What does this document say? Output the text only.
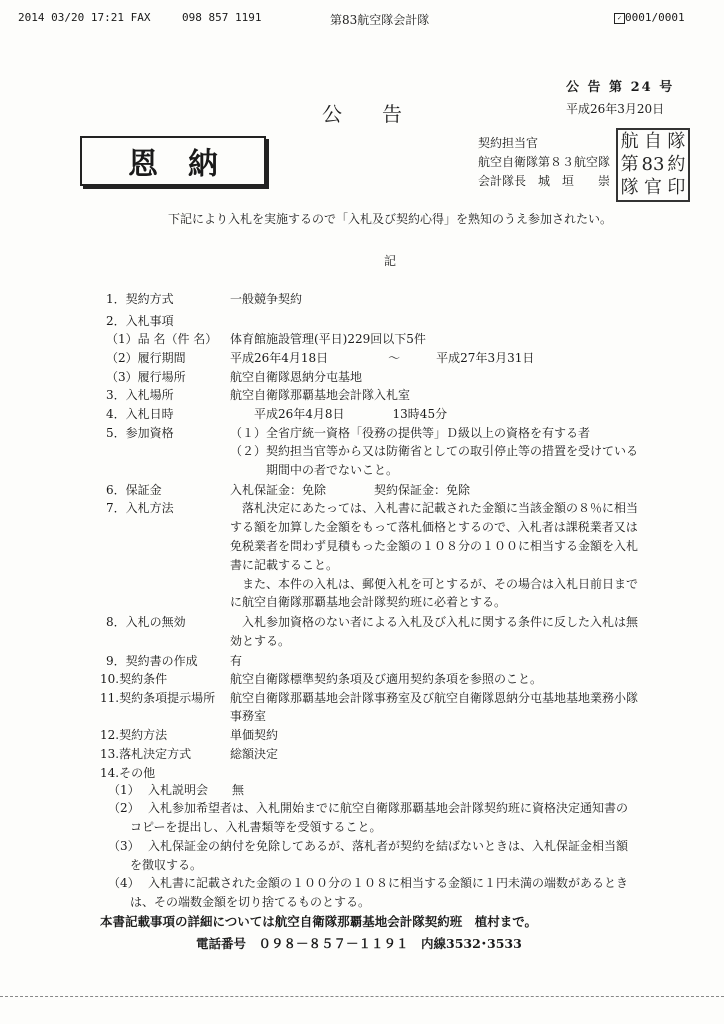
2014 03/20 17:21 FAX	098 857 1191	第83航空隊会計隊	✓ 0001/0001
公 告 第 24 号
平成26年3月20日
公　　告
恩納
契約担当官
航空自衛隊第８３航空隊
会計隊長　城　垣　　崇
航 自 隊
第 83 約
隊 官 印
下記により入札を実施するので「入札及び契約心得」を熟知のうえ参加されたい。
記
1．契約方式	一般競争契約
2．入札事項
（1）品 名（件 名） 体育館施設管理(平日)229回以下5件
（2）履行期間	平成26年4月18日　　　　　～　　　平成27年3月31日
（3）履行場所	航空自衛隊恩納分屯基地
3．入札場所	航空自衛隊那覇基地会計隊入札室
4．入札日時	　　平成26年4月8日　　　　13時45分
5．参加資格	（１）全省庁統一資格「役務の提供等」Ｄ級以上の資格を有する者
（２）契約担当官等から又は防衛省としての取引停止等の措置を受けている
　　　期間中の者でないこと。
6．保証金	入札保証金：免除　　　　契約保証金：免除
7．入札方法	　落札決定にあたっては、入札書に記載された金額に当該金額の８％に相当
する額を加算した金額をもって落札価格とするので、入札者は課税業者又は
免税業者を問わず見積もった金額の１０８分の１００に相当する金額を入札
書に記載すること。
　また、本件の入札は、郵便入札を可とするが、その場合は入札日前日まで
に航空自衛隊那覇基地会計隊契約班に必着とする。
8．入札の無効	　入札参加資格のない者による入札及び入札に関する条件に反した入札は無
効とする。
9．契約書の作成	有
10.契約条件	航空自衛隊標準契約条項及び適用契約条項を参照のこと。
11.契約条項提示場所 航空自衛隊那覇基地会計隊事務室及び航空自衛隊恩納分屯基地基地業務小隊
事務室
12.契約方法	単価契約
13.落札決定方式	総額決定
14.その他
（1） 入札説明会　　無
（2） 入札参加希望者は、入札開始までに航空自衛隊那覇基地会計隊契約班に資格決定通知書の
コピーを提出し、入札書類等を受領すること。
（3） 入札保証金の納付を免除してあるが、落札者が契約を結ばないときは、入札保証金相当額
を徴収する。
（4） 入札書に記載された金額の１００分の１０８に相当する金額に１円未満の端数があるとき
は、その端数金額を切り捨てるものとする。
本書記載事項の詳細については航空自衛隊那覇基地会計隊契約班　植村まで。
電話番号　０９８－８５７－１１９１　内線3532･3533
